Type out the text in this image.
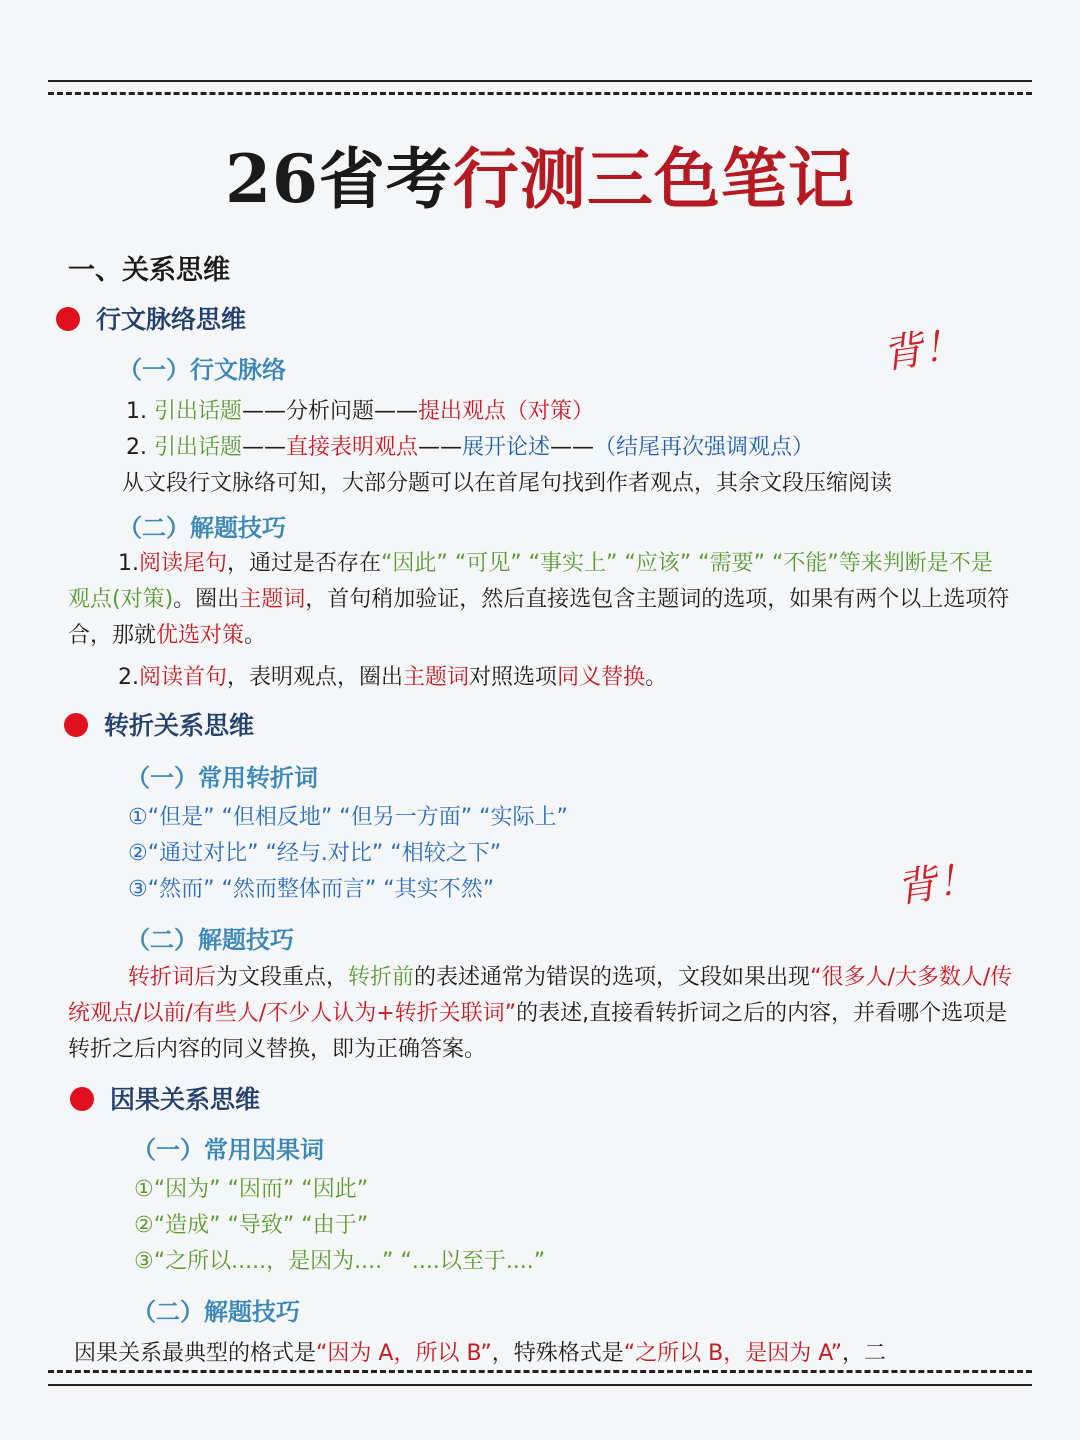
26省考行测三色笔记
一、关系思维
行文脉络思维
背！
（一）行文脉络
1. 引出话题——分析问题——提出观点（对策）
2. 引出话题——直接表明观点——展开论述——（结尾再次强调观点）
从文段行文脉络可知，大部分题可以在首尾句找到作者观点，其余文段压缩阅读
（二）解题技巧
1.阅读尾句，通过是否存在“因此” “可见” “事实上” “应该” “需要” “不能”等来判断是不是观点(对策)。圈出主题词，首句稍加验证，然后直接选包含主题词的选项，如果有两个以上选项符合，那就优选对策。
2.阅读首句，表明观点，圈出主题词对照选项同义替换。
转折关系思维
（一）常用转折词
①“但是” “但相反地” “但另一方面” “实际上”
②“通过对比” “经与.对比” “相较之下”
③“然而” “然而整体而言” “其实不然”	背！
（二）解题技巧
转折词后为文段重点，转折前的表述通常为错误的选项，文段如果出现“很多人/大多数人/传统观点/以前/有些人/不少人认为+转折关联词”的表述,直接看转折词之后的内容，并看哪个选项是转折之后内容的同义替换，即为正确答案。
因果关系思维
（一）常用因果词
①“因为” “因而” “因此”
②“造成” “导致” “由于”
③“之所以.....，是因为....” “....以至于....”
（二）解题技巧
因果关系最典型的格式是“因为 A，所以 B”，特殊格式是“之所以 B，是因为 A”，二
